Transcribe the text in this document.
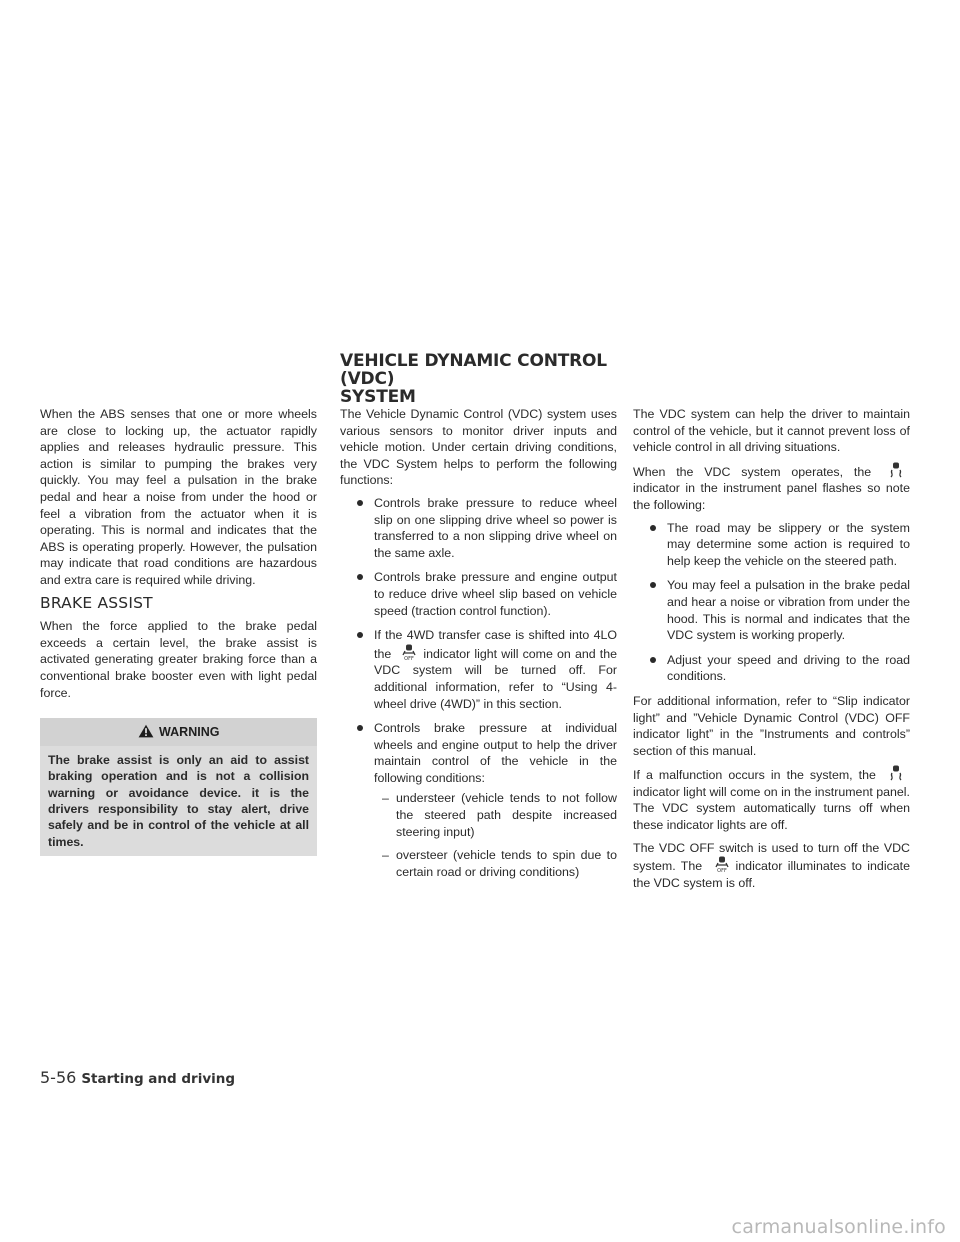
VEHICLE DYNAMIC CONTROL (VDC)
SYSTEM

When the ABS senses that one or more wheels are close to locking up, the actuator rapidly applies and releases hydraulic pressure. This action is similar to pumping the brakes very quickly. You may feel a pulsation in the brake pedal and hear a noise from under the hood or feel a vibration from the actuator when it is operating. This is normal and indicates that the ABS is operating properly. However, the pulsation may indicate that road conditions are hazardous and extra care is required while driving.

BRAKE ASSIST

When the force applied to the brake pedal exceeds a certain level, the brake assist is activated generating greater braking force than a conventional brake booster even with light pedal force.

WARNING
The brake assist is only an aid to assist braking operation and is not a collision warning or avoidance device. it is the drivers responsibility to stay alert, drive safely and be in control of the vehicle at all times.

The Vehicle Dynamic Control (VDC) system uses various sensors to monitor driver inputs and vehicle motion. Under certain driving conditions, the VDC System helps to perform the following functions:

Controls brake pressure to reduce wheel slip on one slipping drive wheel so power is transferred to a non slipping drive wheel on the same axle.
Controls brake pressure and engine output to reduce drive wheel slip based on vehicle speed (traction control function).
If the 4WD transfer case is shifted into 4LO the	OFF indicator light will come on and the VDC system will be turned off. For additional information, refer to “Using 4-wheel drive (4WD)” in this section.
Controls brake pressure at individual wheels and engine output to help the driver maintain control of the vehicle in the following conditions:
– understeer (vehicle tends to not follow the steered path despite increased steering input)
– oversteer (vehicle tends to spin due to certain road or driving conditions)

The VDC system can help the driver to maintain control of the vehicle, but it cannot prevent loss of vehicle control in all driving situations.

When the VDC system operates, the indicator in the instrument panel flashes so note the following:

The road may be slippery or the system may determine some action is required to help keep the vehicle on the steered path.
You may feel a pulsation in the brake pedal and hear a noise or vibration from under the hood. This is normal and indicates that the VDC system is working properly.
Adjust your speed and driving to the road conditions.

For additional information, refer to “Slip indicator light” and ”Vehicle Dynamic Control (VDC) OFF indicator light” in the ”Instruments and controls” section of this manual.

If a malfunction occurs in the system, the indicator light will come on in the instrument panel. The VDC system automatically turns off when these indicator lights are off.

The VDC OFF switch is used to turn off the VDC system. The	OFF indicator illuminates to indicate the VDC system is off.

5-56 Starting and driving
carmanualsonline.info
